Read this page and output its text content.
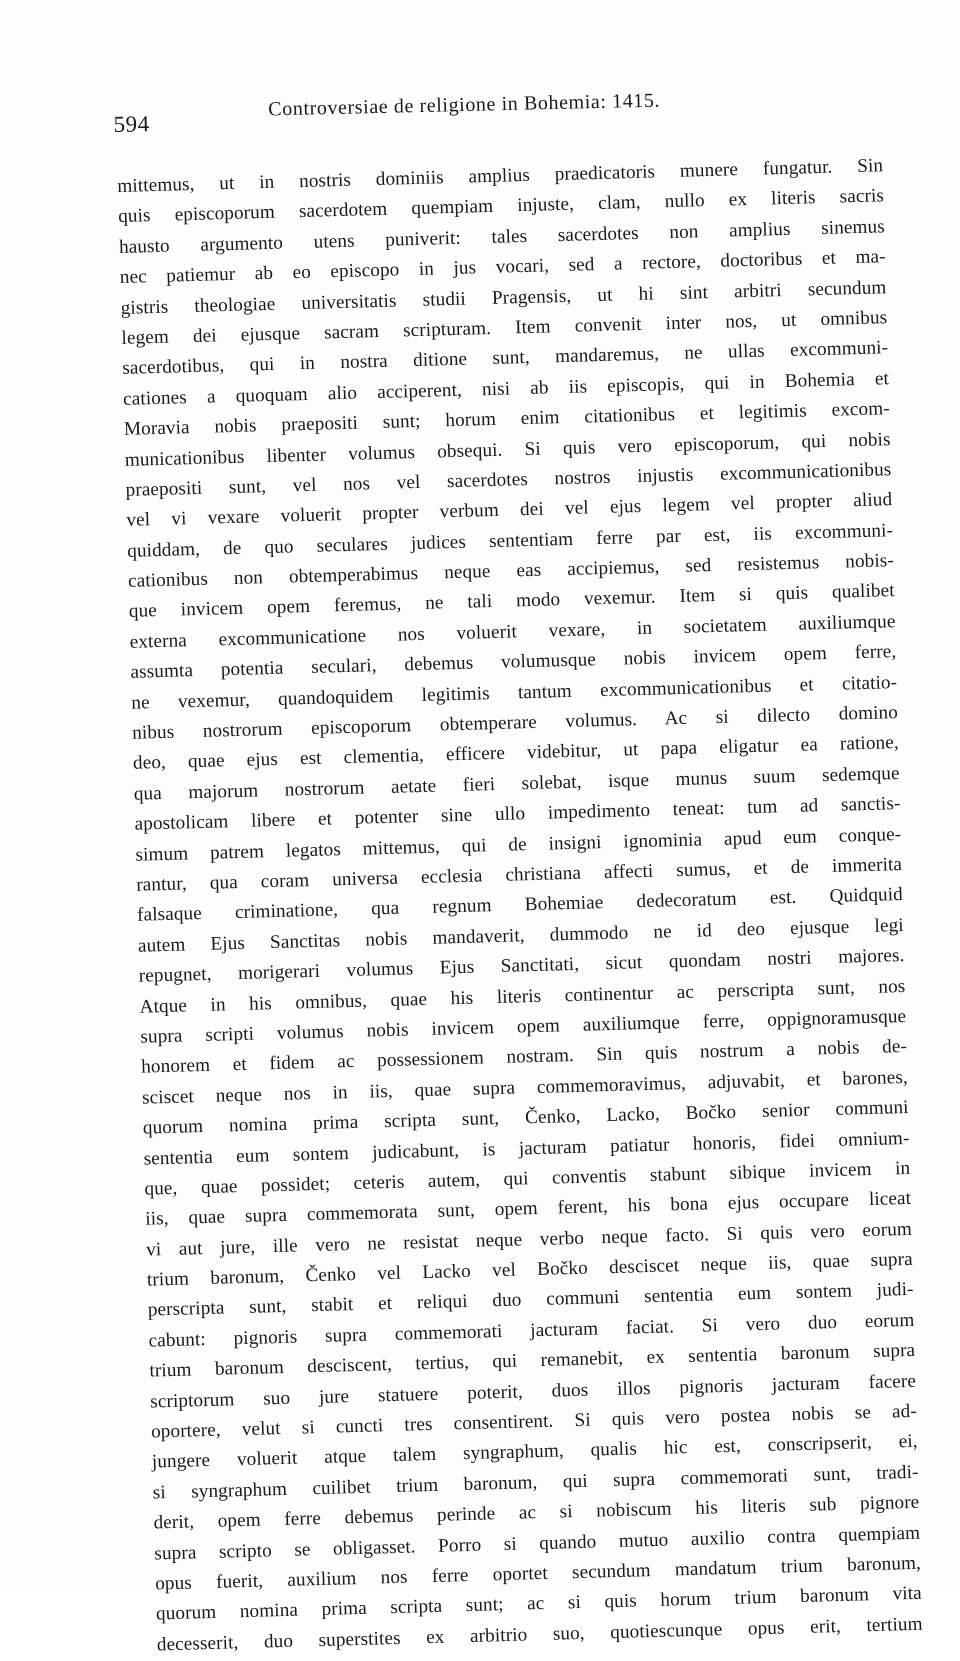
594
Controversiae de religione in Bohemia: 1415.
mittemus, ut in nostris dominiis amplius praedicatoris munere fungatur. Sin
quis episcoporum sacerdotem quempiam injuste, clam, nullo ex literis sacris
hausto argumento utens puniverit: tales sacerdotes non amplius sinemus
nec patiemur ab eo episcopo in jus vocari, sed a rectore, doctoribus et ma-
gistris theologiae universitatis studii Pragensis, ut hi sint arbitri secundum
legem dei ejusque sacram scripturam. Item convenit inter nos, ut omnibus
sacerdotibus, qui in nostra ditione sunt, mandaremus, ne ullas excommuni-
cationes a quoquam alio acciperent, nisi ab iis episcopis, qui in Bohemia et
Moravia nobis praepositi sunt; horum enim citationibus et legitimis excom-
municationibus libenter volumus obsequi. Si quis vero episcoporum, qui nobis
praepositi sunt, vel nos vel sacerdotes nostros injustis excommunicationibus
vel vi vexare voluerit propter verbum dei vel ejus legem vel propter aliud
quiddam, de quo seculares judices sententiam ferre par est, iis excommuni-
cationibus non obtemperabimus neque eas accipiemus, sed resistemus nobis-
que invicem opem feremus, ne tali modo vexemur. Item si quis qualibet
externa excommunicatione nos voluerit vexare, in societatem auxiliumque
assumta potentia seculari, debemus volumusque nobis invicem opem ferre,
ne vexemur, quandoquidem legitimis tantum excommunicationibus et citatio-
nibus nostrorum episcoporum obtemperare volumus. Ac si dilecto domino
deo, quae ejus est clementia, efficere videbitur, ut papa eligatur ea ratione,
qua majorum nostrorum aetate fieri solebat, isque munus suum sedemque
apostolicam libere et potenter sine ullo impedimento teneat: tum ad sanctis-
simum patrem legatos mittemus, qui de insigni ignominia apud eum conque-
rantur, qua coram universa ecclesia christiana affecti sumus, et de immerita
falsaque criminatione, qua regnum Bohemiae dedecoratum est. Quidquid
autem Ejus Sanctitas nobis mandaverit, dummodo ne id deo ejusque legi
repugnet, morigerari volumus Ejus Sanctitati, sicut quondam nostri majores.
Atque in his omnibus, quae his literis continentur ac perscripta sunt, nos
supra scripti volumus nobis invicem opem auxiliumque ferre, oppignoramusque
honorem et fidem ac possessionem nostram. Sin quis nostrum a nobis de-
sciscet neque nos in iis, quae supra commemoravimus, adjuvabit, et barones,
quorum nomina prima scripta sunt, Čenko, Lacko, Bočko senior communi
sententia eum sontem judicabunt, is jacturam patiatur honoris, fidei omnium-
que, quae possidet; ceteris autem, qui conventis stabunt sibique invicem in
iis, quae supra commemorata sunt, opem ferent, his bona ejus occupare liceat
vi aut jure, ille vero ne resistat neque verbo neque facto. Si quis vero eorum
trium baronum, Čenko vel Lacko vel Bočko desciscet neque iis, quae supra
perscripta sunt, stabit et reliqui duo communi sententia eum sontem judi-
cabunt: pignoris supra commemorati jacturam faciat. Si vero duo eorum
trium baronum desciscent, tertius, qui remanebit, ex sententia baronum supra
scriptorum suo jure statuere poterit, duos illos pignoris jacturam facere
oportere, velut si cuncti tres consentirent. Si quis vero postea nobis se ad-
jungere voluerit atque talem syngraphum, qualis hic est, conscripserit, ei,
si syngraphum cuilibet trium baronum, qui supra commemorati sunt, tradi-
derit, opem ferre debemus perinde ac si nobiscum his literis sub pignore
supra scripto se obligasset. Porro si quando mutuo auxilio contra quempiam
opus fuerit, auxilium nos ferre oportet secundum mandatum trium baronum,
quorum nomina prima scripta sunt; ac si quis horum trium baronum vita
decesserit, duo superstites ex arbitrio suo, quotiescunque opus erit, tertium
